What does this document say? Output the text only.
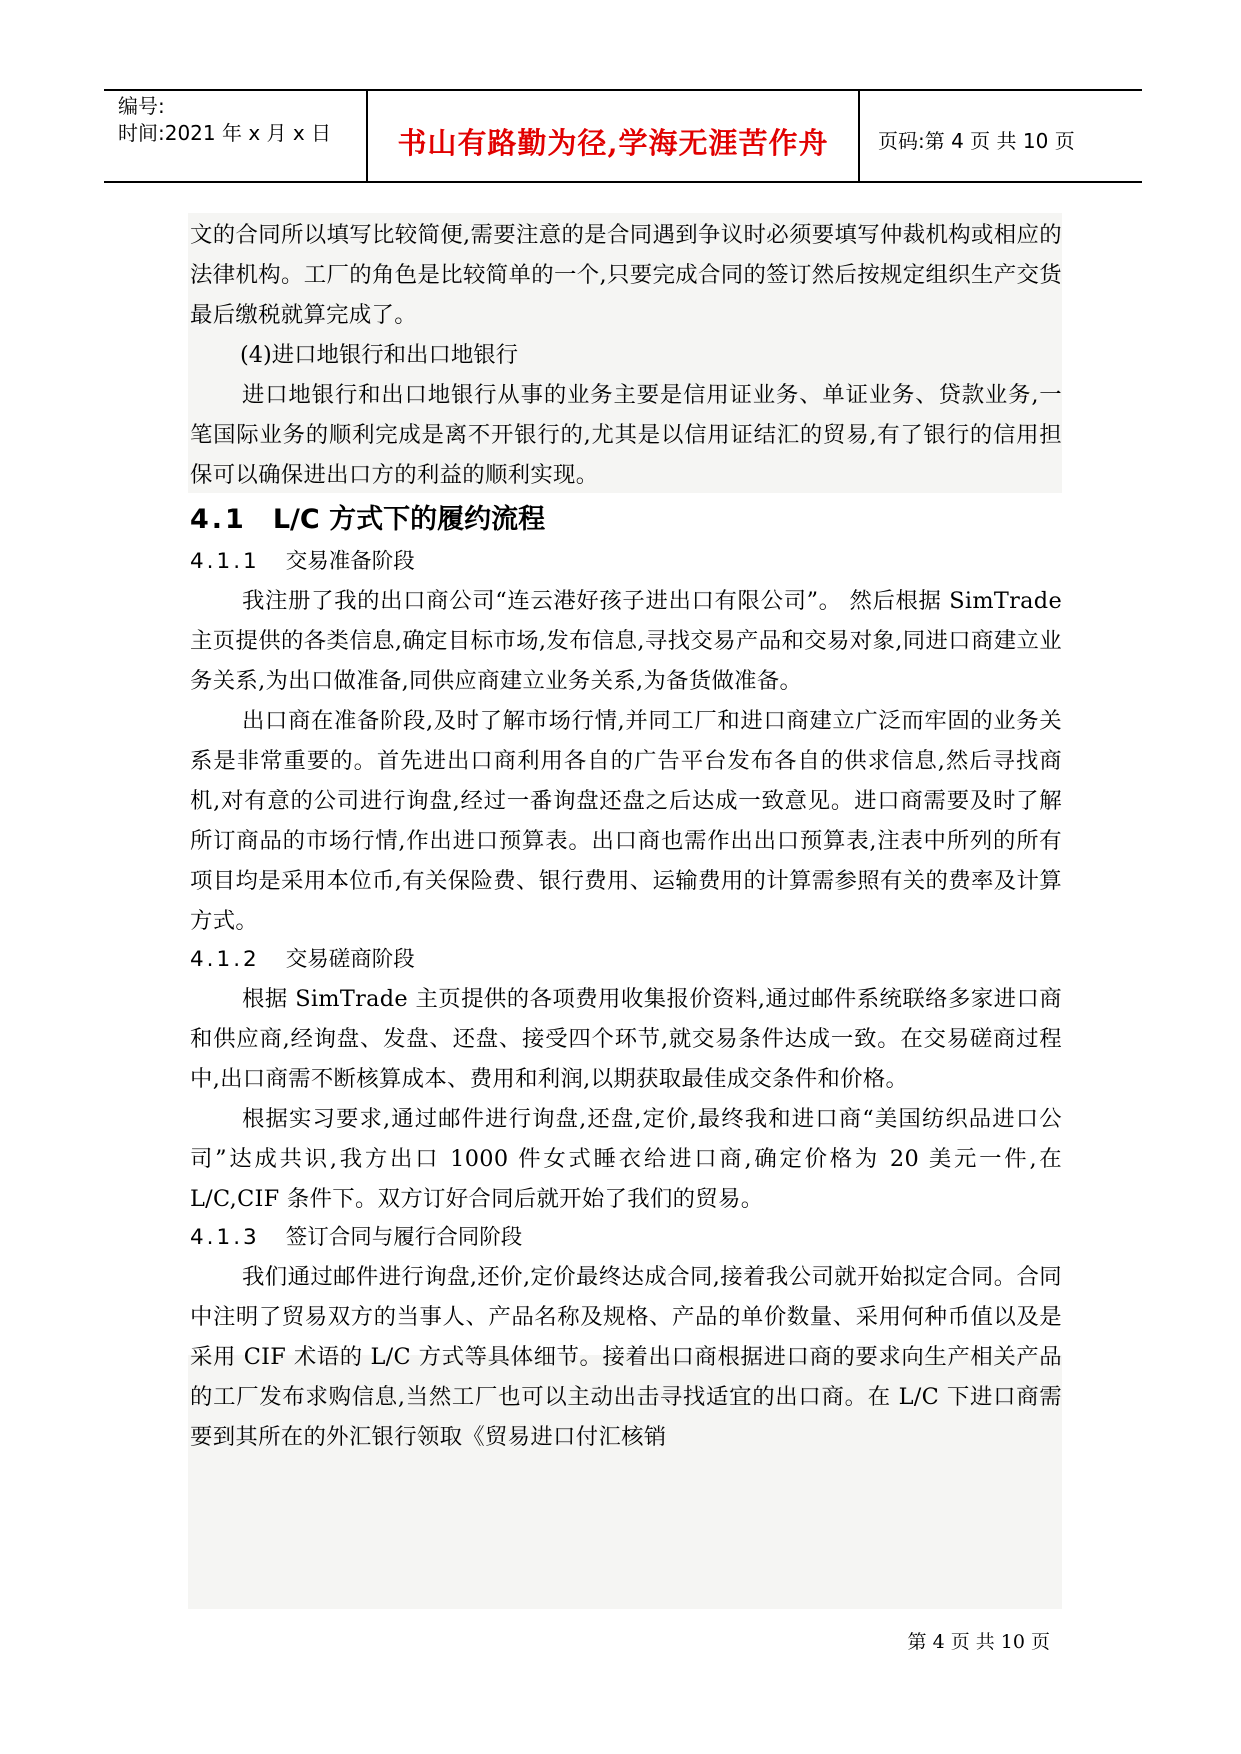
编号:
时间:2021 年 x 月 x 日	书山有路勤为径,学海无涯苦作舟	页码:第 4 页 共 10 页

文的合同所以填写比较简便,需要注意的是合同遇到争议时必须要填写仲裁机构或相应的法律机构。工厂的角色是比较简单的一个,只要完成合同的签订然后按规定组织生产交货最后缴税就算完成了。

(4)进口地银行和出口地银行

进口地银行和出口地银行从事的业务主要是信用证业务、单证业务、贷款业务,一笔国际业务的顺利完成是离不开银行的,尤其是以信用证结汇的贸易,有了银行的信用担保可以确保进出口方的利益的顺利实现。

4.1 L/C 方式下的履约流程
4.1.1 交易准备阶段

我注册了我的出口商公司“连云港好孩子进出口有限公司”。 然后根据 SimTrade 主页提供的各类信息,确定目标市场,发布信息,寻找交易产品和交易对象,同进口商建立业务关系,为出口做准备,同供应商建立业务关系,为备货做准备。

出口商在准备阶段,及时了解市场行情,并同工厂和进口商建立广泛而牢固的业务关系是非常重要的。首先进出口商利用各自的广告平台发布各自的供求信息,然后寻找商机,对有意的公司进行询盘,经过一番询盘还盘之后达成一致意见。进口商需要及时了解所订商品的市场行情,作出进口预算表。出口商也需作出出口预算表,注表中所列的所有项目均是采用本位币,有关保险费、银行费用、运输费用的计算需参照有关的费率及计算方式。

4.1.2 交易磋商阶段

根据 SimTrade 主页提供的各项费用收集报价资料,通过邮件系统联络多家进口商和供应商,经询盘、发盘、还盘、接受四个环节,就交易条件达成一致。在交易磋商过程中,出口商需不断核算成本、费用和利润,以期获取最佳成交条件和价格。

根据实习要求,通过邮件进行询盘,还盘,定价,最终我和进口商“美国纺织品进口公司”达成共识,我方出口 1000 件女式睡衣给进口商,确定价格为 20 美元一件,在 L/C,CIF 条件下。双方订好合同后就开始了我们的贸易。

4.1.3 签订合同与履行合同阶段

我们通过邮件进行询盘,还价,定价最终达成合同,接着我公司就开始拟定合同。合同中注明了贸易双方的当事人、产品名称及规格、产品的单价数量、采用何种币值以及是采用 CIF 术语的 L/C 方式等具体细节。接着出口商根据进口商的要求向生产相关产品的工厂发布求购信息,当然工厂也可以主动出击寻找适宜的出口商。在 L/C 下进口商需要到其所在的外汇银行领取《贸易进口付汇核销

第 4 页 共 10 页
